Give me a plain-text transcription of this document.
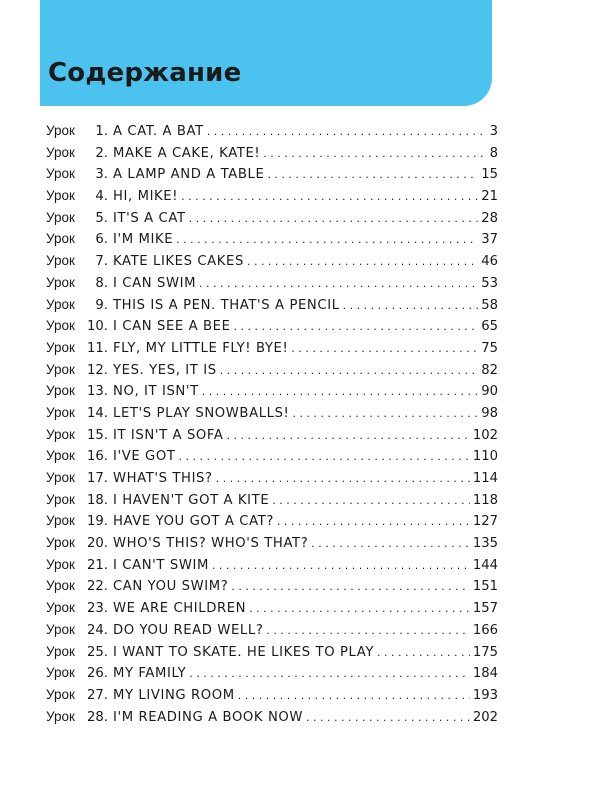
Содержание
Урок	1. A CAT. A BAT . . .	3
Урок	2. MAKE A CAKE, KATE! . . .	8
Урок	3. A LAMP AND A TABLE . . .	15
Урок	4. HI, MIKE! . . .	21
Урок	5. IT'S A CAT . . .	28
Урок	6. I'M MIKE . . .	37
Урок	7. KATE LIKES CAKES . . .	46
Урок	8. I CAN SWIM . . .	53
Урок	9. THIS IS A PEN. THAT'S A PENCIL . . .	58
Урок 10. I CAN SEE A BEE . . .	65
Урок 11. FLY, MY LITTLE FLY! BYE! . . .	75
Урок 12. YES. YES, IT IS . . .	82
Урок 13. NO, IT ISN'T . . .	90
Урок 14. LET'S PLAY SNOWBALLS! . . .	98
Урок 15. IT ISN'T A SOFA . . .	102
Урок 16. I'VE GOT . . .	110
Урок 17. WHAT'S THIS? . . .	114
Урок 18. I HAVEN'T GOT A KITE . . .	118
Урок 19. HAVE YOU GOT A CAT? . . .	127
Урок 20. WHO'S THIS? WHO'S THAT? . . .	135
Урок 21. I CAN'T SWIM . . .	144
Урок 22. CAN YOU SWIM? . . .	151
Урок 23. WE ARE CHILDREN . . .	157
Урок 24. DO YOU READ WELL? . . .	166
Урок 25. I WANT TO SKATE. HE LIKES TO PLAY . . .	175
Урок 26. MY FAMILY . . .	184
Урок 27. MY LIVING ROOM . . .	193
Урок 28. I'M READING A BOOK NOW . . .	202
